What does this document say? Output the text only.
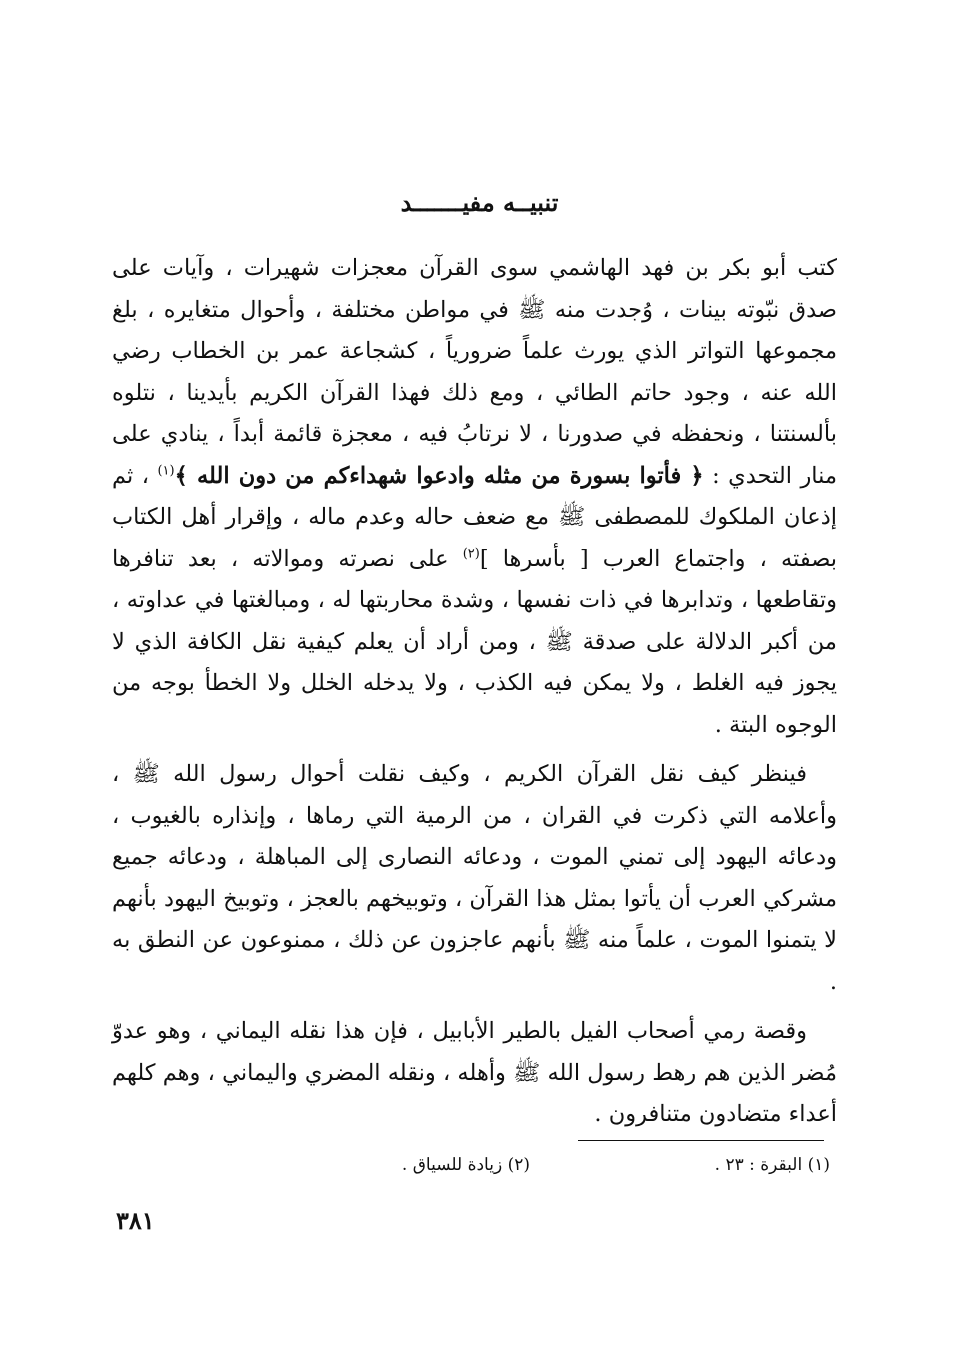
تنبيــه مفيـــــــد

كتب أبو بكر بن فهد الهاشمي سوى القرآن معجزات شهيرات ، وآيات على صدق نبّوته بينات ، وُجدت منه ﷺ في مواطن مختلفة ، وأحوال متغايره ، بلغ مجموعها التواتر الذي يورث علماً ضرورياً ، كشجاعة عمر بن الخطاب رضي الله عنه ، وجود حاتم الطائي ، ومع ذلك فهذا القرآن الكريم بأيدينا ، نتلوه بألسنتنا ، ونحفظه في صدورنا ، لا نرتابُ فيه ، معجزة قائمة أبداً ، ينادي على منار التحدي : ﴿ فأتوا بسورة من مثله وادعوا شهداءكم من دون الله ﴾$^{(١)}$ ، ثم إذعان الملكوك للمصطفى ﷺ مع ضعف حاله وعدم ماله ، وإقرار أهل الكتاب بصفته ، واجتماع العرب [ بأسرها ]$^{(٢)}$ على نصرته وموالاته ، بعد تنافرها وتقاطعها ، وتدابرها في ذات نفسها ، وشدة محاربتها له ، ومبالغتها في عداوته ، من أكبر الدلالة على صدقة ﷺ ، ومن أراد أن يعلم كيفية نقل الكافة الذي لا يجوز فيه الغلط ، ولا يمكن فيه الكذب ، ولا يدخله الخلل ولا الخطأ بوجه من الوجوه البتة .

فينظر كيف نقل القرآن الكريم ، وكيف نقلت أحوال رسول الله ﷺ ، وأعلامه التي ذكرت في القران ، من الرمية التي رماها ، وإنذاره بالغيوب ، ودعائه اليهود إلى تمني الموت ، ودعائه النصارى إلى المباهلة ، ودعائه جميع مشركي العرب أن يأتوا بمثل هذا القرآن ، وتوبيخهم بالعجز ، وتوبيخ اليهود بأنهم لا يتمنوا الموت ، علماً منه ﷺ بأنهم عاجزون عن ذلك ، ممنوعون عن النطق به .

وقصة رمي أصحاب الفيل بالطير الأبابيل ، فإن هذا نقله اليماني ، وهو عدوّ مُضر الذين هم رهط رسول الله ﷺ وأهله ، ونقله المضري واليماني ، وهم كلهم أعداء متضادون متنافرون .

(١) البقرة : ٢٣ .
(٢) زيادة للسياق .
٣٨١
